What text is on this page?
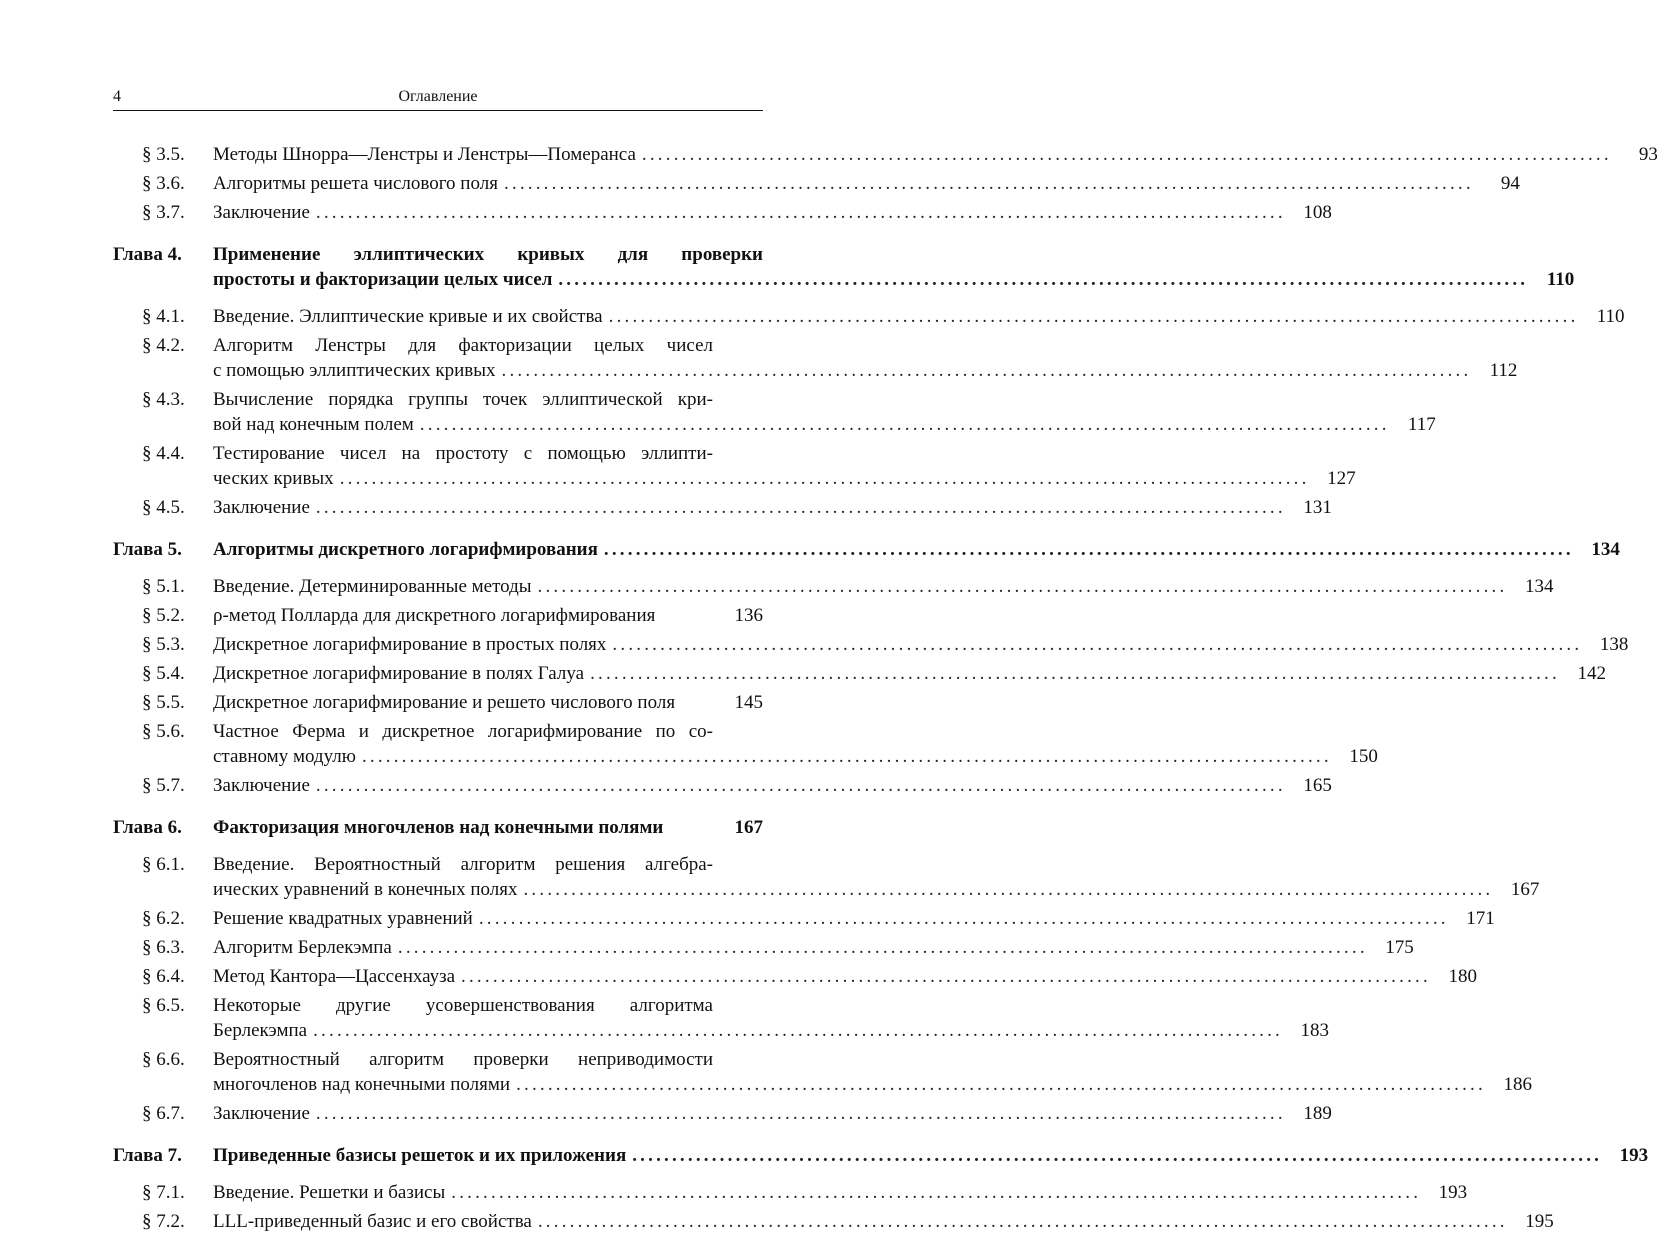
4	Оглавление
§ 3.5.	Методы Шнорра—Ленстры и Ленстры—Померанса ..........................................................................................................................	93
§ 3.6.	Алгоритмы решета числового поля ..........................................................................................................................	94
§ 3.7.	Заключение .......................................................................................................................... 108
Глава 4.	Применение эллиптических кривых для проверки
простоты и факторизации целых чисел .......................................................................................................................... 110
§ 4.1.	Введение. Эллиптические кривые и их свойства .......................................................................................................................... 110
§ 4.2.	Алгоритм Ленстры для факторизации целых чисел
с помощью эллиптических кривых .......................................................................................................................... 112
§ 4.3.	Вычисление порядка группы точек эллиптической кри-
вой над конечным полем .......................................................................................................................... 117
§ 4.4.	Тестирование чисел на простоту с помощью эллипти-
ческих кривых .......................................................................................................................... 127
§ 4.5.	Заключение .......................................................................................................................... 131
Глава 5.	Алгоритмы дискретного логарифмирования .......................................................................................................................... 134
§ 5.1.	Введение. Детерминированные методы .......................................................................................................................... 134
§ 5.2.	ρ-метод Полларда для дискретного логарифмирования	136
§ 5.3.	Дискретное логарифмирование в простых полях .......................................................................................................................... 138
§ 5.4.	Дискретное логарифмирование в полях Галуа .......................................................................................................................... 142
§ 5.5.	Дискретное логарифмирование и решето числового поля	145
§ 5.6.	Частное Ферма и дискретное логарифмирование по со-
ставному модулю .......................................................................................................................... 150
§ 5.7.	Заключение .......................................................................................................................... 165
Глава 6.	Факторизация многочленов над конечными полями	167
§ 6.1.	Введение. Вероятностный алгоритм решения алгебра-
ических уравнений в конечных полях .......................................................................................................................... 167
§ 6.2.	Решение квадратных уравнений .......................................................................................................................... 171
§ 6.3.	Алгоритм Берлекэмпа .......................................................................................................................... 175
§ 6.4.	Метод Кантора—Цассенхауза .......................................................................................................................... 180
§ 6.5.	Некоторые другие усовершенствования алгоритма
Берлекэмпа .......................................................................................................................... 183
§ 6.6.	Вероятностный алгоритм проверки неприводимости
многочленов над конечными полями .......................................................................................................................... 186
§ 6.7.	Заключение .......................................................................................................................... 189
Глава 7.	Приведенные базисы решеток и их приложения .......................................................................................................................... 193
§ 7.1.	Введение. Решетки и базисы .......................................................................................................................... 193
§ 7.2.	LLL-приведенный базис и его свойства .......................................................................................................................... 195
